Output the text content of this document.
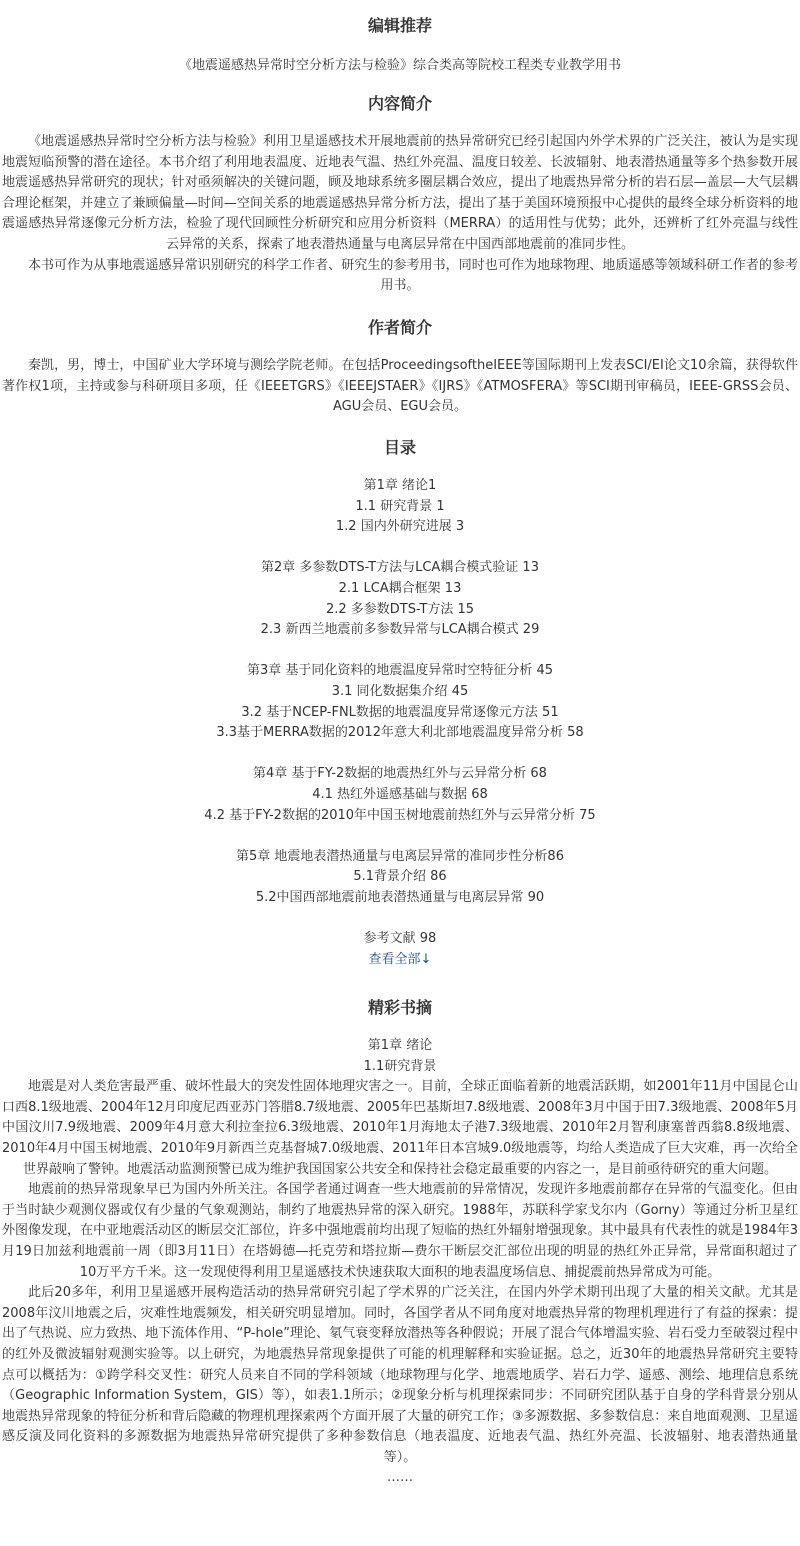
编辑推荐
《地震遥感热异常时空分析方法与检验》综合类高等院校工程类专业教学用书
内容简介

《地震遥感热异常时空分析方法与检验》利用卫星遥感技术开展地震前的热异常研究已经引起国内外学术界的广泛关注，被认为是实现地震短临预警的潜在途径。本书介绍了利用地表温度、近地表气温、热红外亮温、温度日较差、长波辐射、地表潜热通量等多个热参数开展地震遥感热异常研究的现状；针对亟须解决的关键问题，顾及地球系统多圈层耦合效应，提出了地震热异常分析的岩石层—盖层—大气层耦合理论框架，并建立了兼顾偏量—时间—空间关系的地震遥感热异常分析方法，提出了基于美国环境预报中心提供的最终全球分析资料的地震遥感热异常逐像元分析方法，检验了现代回顾性分析研究和应用分析资料（MERRA）的适用性与优势；此外，还辨析了红外亮温与线性云异常的关系，探索了地表潜热通量与电离层异常在中国西部地震前的准同步性。

本书可作为从事地震遥感异常识别研究的科学工作者、研究生的参考用书，同时也可作为地球物理、地质遥感等领域科研工作者的参考用书。

作者简介

秦凯，男，博士，中国矿业大学环境与测绘学院老师。在包括ProceedingsoftheIEEE等国际期刊上发表SCI/EI论文10余篇，获得软件著作权1项，主持或参与科研项目多项，任《IEEETGRS》《IEEEJSTAER》《IJRS》《ATMOSFERA》等SCI期刊审稿员，IEEE-GRSS会员、AGU会员、EGU会员。

目录
第1章 绪论1
1.1 研究背景 1
1.2 国内外研究进展 3
第2章 多参数DTS-T方法与LCA耦合模式验证 13
2.1 LCA耦合框架 13
2.2 多参数DTS-T方法 15
2.3 新西兰地震前多参数异常与LCA耦合模式 29
第3章 基于同化资料的地震温度异常时空特征分析 45
3.1 同化数据集介绍 45
3.2 基于NCEP-FNL数据的地震温度异常逐像元方法 51
3.3基于MERRA数据的2012年意大利北部地震温度异常分析 58
第4章 基于FY-2数据的地震热红外与云异常分析 68
4.1 热红外遥感基础与数据 68
4.2 基于FY-2数据的2010年中国玉树地震前热红外与云异常分析 75
第5章 地震地表潜热通量与电离层异常的准同步性分析86
5.1背景介绍 86
5.2中国西部地震前地表潜热通量与电离层异常 90
参考文献 98
查看全部↓
精彩书摘
第1章 绪论
1.1研究背景

地震是对人类危害最严重、破坏性最大的突发性固体地理灾害之一。目前，全球正面临着新的地震活跃期，如2001年11月中国昆仑山口西8.1级地震、2004年12月印度尼西亚苏门答腊8.7级地震、2005年巴基斯坦7.8级地震、2008年3月中国于田7.3级地震、2008年5月中国汶川7.9级地震、2009年4月意大利拉奎拉6.3级地震、2010年1月海地太子港7.3级地震、2010年2月智利康塞普西翁8.8级地震、2010年4月中国玉树地震、2010年9月新西兰克基督城7.0级地震、2011年日本宫城9.0级地震等，均给人类造成了巨大灾难，再一次给全世界敲响了警钟。地震活动监测预警已成为维护我国国家公共安全和保持社会稳定最重要的内容之一，是目前亟待研究的重大问题。

地震前的热异常现象早已为国内外所关注。各国学者通过调查一些大地震前的异常情况，发现许多地震前都存在异常的气温变化。但由于当时缺少观测仪器或仅有少量的气象观测站，制约了地震热异常的深入研究。1988年，苏联科学家戈尔内（Gorny）等通过分析卫星红外图像发现，在中亚地震活动区的断层交汇部位，许多中强地震前均出现了短临的热红外辐射增强现象。其中最具有代表性的就是1984年3月19日加兹利地震前一周（即3月11日）在塔姆德—托克劳和塔拉斯—费尔干断层交汇部位出现的明显的热红外正异常，异常面积超过了10万平方千米。这一发现使得利用卫星遥感技术快速获取大面积的地表温度场信息、捕捉震前热异常成为可能。

此后20多年，利用卫星遥感开展构造活动的热异常研究引起了学术界的广泛关注，在国内外学术期刊出现了大量的相关文献。尤其是2008年汶川地震之后，灾难性地震频发，相关研究明显增加。同时，各国学者从不同角度对地震热异常的物理机理进行了有益的探索：提出了气热说、应力致热、地下流体作用、“P-hole”理论、氡气衰变释放潜热等各种假说；开展了混合气体增温实验、岩石受力至破裂过程中的红外及微波辐射观测实验等。以上研究，为地震热异常现象提供了可能的机理解释和实验证据。总之，近30年的地震热异常研究主要特点可以概括为：①跨学科交叉性：研究人员来自不同的学科领域（地球物理与化学、地震地质学、岩石力学、遥感、测绘、地理信息系统（Geographic Information System，GIS）等），如表1.1所示；②现象分析与机理探索同步：不同研究团队基于自身的学科背景分别从地震热异常现象的特征分析和背后隐藏的物理机理探索两个方面开展了大量的研究工作；③多源数据、多参数信息：来自地面观测、卫星遥感反演及同化资料的多源数据为地震热异常研究提供了多种参数信息（地表温度、近地表气温、热红外亮温、长波辐射、地表潜热通量等）。

……
